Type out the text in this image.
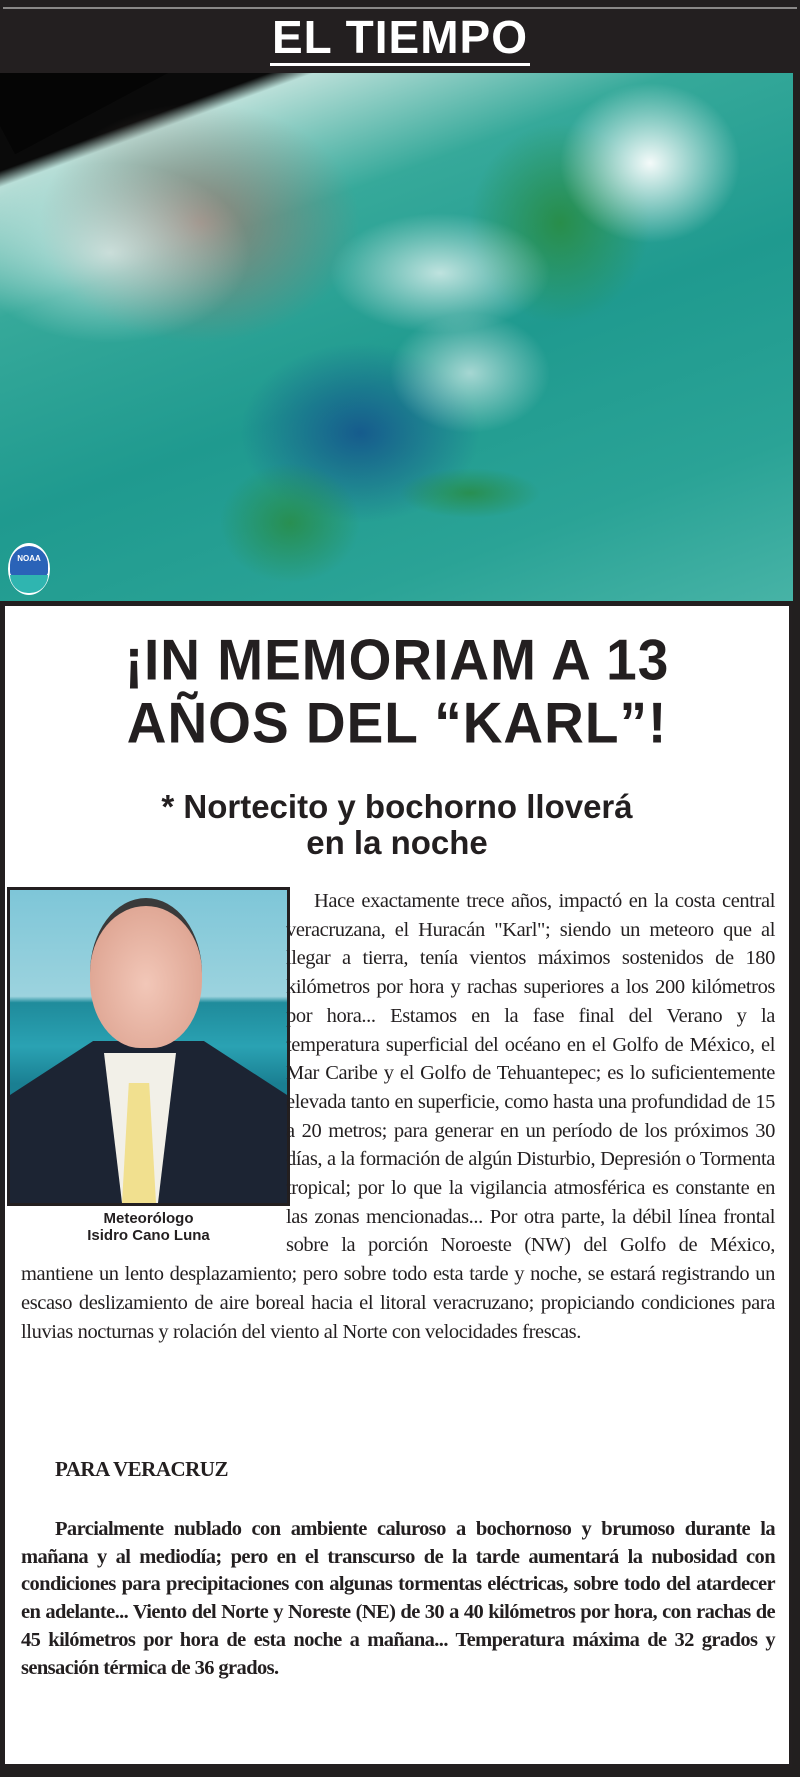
EL TIEMPO
NOAA
¡IN MEMORIAM A 13
AÑOS DEL “KARL”!
* Nortecito y bochorno lloverá
en la noche
Meteorólogo
Isidro Cano Luna

Hace exactamente trece años, impactó en la costa central veracruzana, el Huracán "Karl"; siendo un meteoro que al llegar a tierra, tenía vientos máximos sostenidos de 180 kilómetros por hora y rachas superiores a los 200 kilómetros por hora... Estamos en la fase final del Verano y la temperatura superficial del océano en el Golfo de México, el Mar Caribe y el Golfo de Tehuantepec; es lo suficientemente elevada tanto en superficie, como hasta una profundidad de 15 a 20 metros; para generar en un período de los próximos 30 días, a la formación de algún Disturbio, Depresión o Tormenta tropical; por lo que la vigilancia atmosférica es constante en las zonas mencionadas... Por otra parte, la débil línea frontal sobre la porción Noroeste (NW) del Golfo de México, mantiene un lento desplazamiento; pero sobre todo esta tarde y noche, se estará registrando un escaso deslizamiento de aire boreal hacia el litoral veracruzano; propiciando condiciones para lluvias nocturnas y rolación del viento al Norte con velocidades frescas.

PARA VERACRUZ

Parcialmente nublado con ambiente caluroso a bochornoso y brumoso durante la mañana y al mediodía; pero en el transcurso de la tarde aumentará la nubosidad con condiciones para precipitaciones con algunas tormentas eléctricas, sobre todo del atardecer en adelante... Viento del Norte y Noreste (NE) de 30 a 40 kilómetros por hora, con rachas de 45 kilómetros por hora de esta noche a mañana... Temperatura máxima de 32 grados y sensación térmica de 36 grados.
